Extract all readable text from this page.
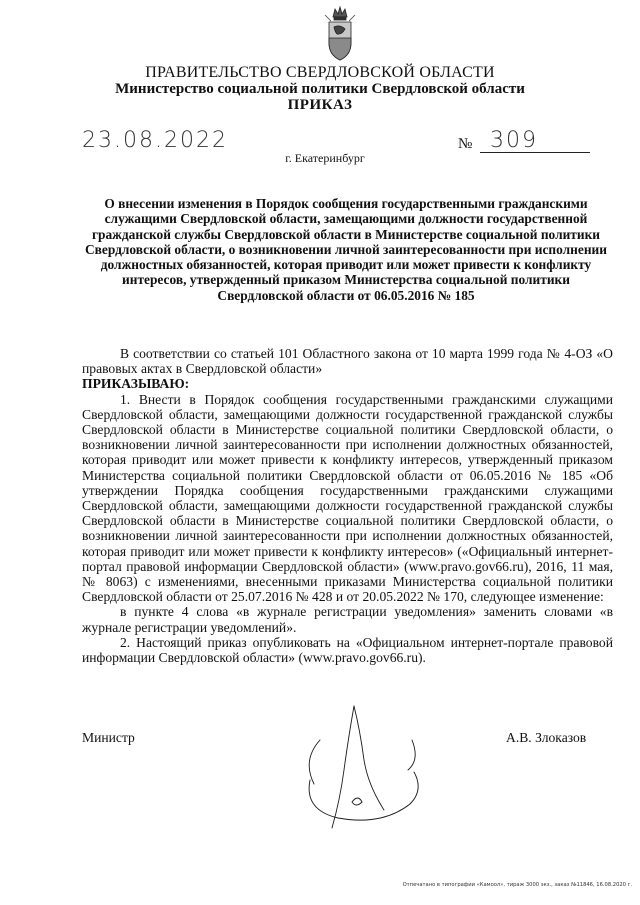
ПРАВИТЕЛЬСТВО СВЕРДЛОВСКОЙ ОБЛАСТИ
Министерство социальной политики Свердловской области
ПРИКАЗ
23.08.2022	№ 309
г. Екатеринбург
О внесении изменения в Порядок сообщения государственными гражданскими служащими Свердловской области, замещающими должности государственной гражданской службы Свердловской области в Министерстве социальной политики Свердловской области, о возникновении личной заинтересованности при исполнении должностных обязанностей, которая приводит или может привести к конфликту интересов, утвержденный приказом Министерства социальной политики Свердловской области от 06.05.2016 № 185

В соответствии со статьей 101 Областного закона от 10 марта 1999 года № 4-ОЗ «О правовых актах в Свердловской области»

ПРИКАЗЫВАЮ:

1. Внести в Порядок сообщения государственными гражданскими служащими Свердловской области, замещающими должности государственной гражданской службы Свердловской области в Министерстве социальной политики Свердловской области, о возникновении личной заинтересованности при исполнении должностных обязанностей, которая приводит или может привести к конфликту интересов, утвержденный приказом Министерства социальной политики Свердловской области от 06.05.2016 № 185 «Об утверждении Порядка сообщения государственными гражданскими служащими Свердловской области, замещающими должности государственной гражданской службы Свердловской области в Министерстве социальной политики Свердловской области, о возникновении личной заинтересованности при исполнении должностных обязанностей, которая приводит или может привести к конфликту интересов» («Официальный интернет-портал правовой информации Свердловской области» (www.pravo.gov66.ru), 2016, 11 мая, № 8063) с изменениями, внесенными приказами Министерства социальной политики Свердловской области от 25.07.2016 № 428 и от 20.05.2022 № 170, следующее изменение:

в пункте 4 слова «в журнале регистрации уведомления» заменить словами «в журнале регистрации уведомлений».

2. Настоящий приказ опубликовать на «Официальном интернет-портале правовой информации Свердловской области» (www.pravo.gov66.ru).

Министр	А.В. Злоказов
Отпечатано в типографии «Камоол», тираж 3000 экз., заказ №11846, 16.08.2020 г.
